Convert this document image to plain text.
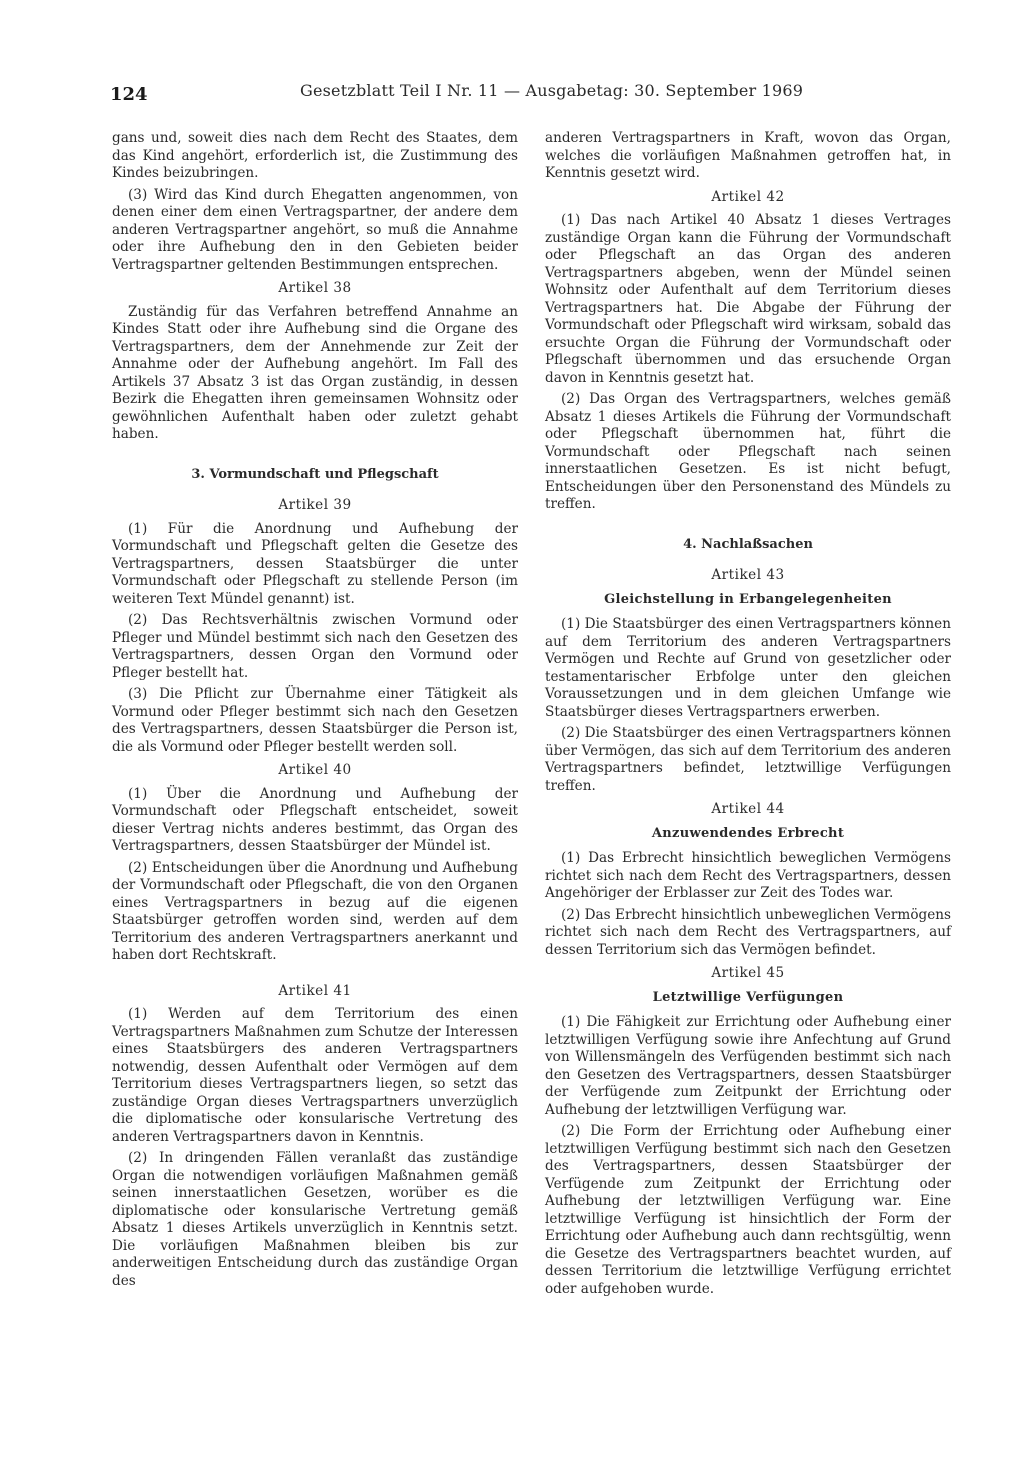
124	Gesetzblatt Teil I Nr. 11 — Ausgabetag: 30. September 1969

gans und, soweit dies nach dem Recht des Staates, dem das Kind angehört, erforderlich ist, die Zustimmung des Kindes beizubringen.

(3) Wird das Kind durch Ehegatten angenommen, von denen einer dem einen Vertragspartner, der andere dem anderen Vertragspartner angehört, so muß die Annahme oder ihre Aufhebung den in den Gebieten beider Vertragspartner geltenden Bestimmungen entsprechen.

Artikel 38

Zuständig für das Verfahren betreffend Annahme an Kindes Statt oder ihre Aufhebung sind die Organe des Vertragspartners, dem der Annehmende zur Zeit der Annahme oder der Aufhebung angehört. Im Fall des Artikels 37 Absatz 3 ist das Organ zuständig, in dessen Bezirk die Ehegatten ihren gemeinsamen Wohnsitz oder gewöhnlichen Aufenthalt haben oder zuletzt gehabt haben.

3. Vormundschaft und Pflegschaft
Artikel 39

(1) Für die Anordnung und Aufhebung der Vormundschaft und Pflegschaft gelten die Gesetze des Vertragspartners, dessen Staatsbürger die unter Vormundschaft oder Pflegschaft zu stellende Person (im weiteren Text Mündel genannt) ist.

(2) Das Rechtsverhältnis zwischen Vormund oder Pfleger und Mündel bestimmt sich nach den Gesetzen des Vertragspartners, dessen Organ den Vormund oder Pfleger bestellt hat.

(3) Die Pflicht zur Übernahme einer Tätigkeit als Vormund oder Pfleger bestimmt sich nach den Gesetzen des Vertragspartners, dessen Staatsbürger die Person ist, die als Vormund oder Pfleger bestellt werden soll.

Artikel 40

(1) Über die Anordnung und Aufhebung der Vormundschaft oder Pflegschaft entscheidet, soweit dieser Vertrag nichts anderes bestimmt, das Organ des Vertragspartners, dessen Staatsbürger der Mündel ist.

(2) Entscheidungen über die Anordnung und Aufhebung der Vormundschaft oder Pflegschaft, die von den Organen eines Vertragspartners in bezug auf die eigenen Staatsbürger getroffen worden sind, werden auf dem Territorium des anderen Vertragspartners anerkannt und haben dort Rechtskraft.

Artikel 41

(1) Werden auf dem Territorium des einen Vertragspartners Maßnahmen zum Schutze der Interessen eines Staatsbürgers des anderen Vertragspartners notwendig, dessen Aufenthalt oder Vermögen auf dem Territorium dieses Vertragspartners liegen, so setzt das zuständige Organ dieses Vertragspartners unverzüglich die diplomatische oder konsularische Vertretung des anderen Vertragspartners davon in Kenntnis.

(2) In dringenden Fällen veranlaßt das zuständige Organ die notwendigen vorläufigen Maßnahmen gemäß seinen innerstaatlichen Gesetzen, worüber es die diplomatische oder konsularische Vertretung gemäß Absatz 1 dieses Artikels unverzüglich in Kenntnis setzt. Die vorläufigen Maßnahmen bleiben bis zur anderweitigen Entscheidung durch das zuständige Organ des

anderen Vertragspartners in Kraft, wovon das Organ, welches die vorläufigen Maßnahmen getroffen hat, in Kenntnis gesetzt wird.

Artikel 42

(1) Das nach Artikel 40 Absatz 1 dieses Vertrages zuständige Organ kann die Führung der Vormundschaft oder Pflegschaft an das Organ des anderen Vertragspartners abgeben, wenn der Mündel seinen Wohnsitz oder Aufenthalt auf dem Territorium dieses Vertragspartners hat. Die Abgabe der Führung der Vormundschaft oder Pflegschaft wird wirksam, sobald das ersuchte Organ die Führung der Vormundschaft oder Pflegschaft übernommen und das ersuchende Organ davon in Kenntnis gesetzt hat.

(2) Das Organ des Vertragspartners, welches gemäß Absatz 1 dieses Artikels die Führung der Vormundschaft oder Pflegschaft übernommen hat, führt die Vormundschaft oder Pflegschaft nach seinen innerstaatlichen Gesetzen. Es ist nicht befugt, Entscheidungen über den Personenstand des Mündels zu treffen.

4. Nachlaßsachen
Artikel 43
Gleichstellung in Erbangelegenheiten

(1) Die Staatsbürger des einen Vertragspartners können auf dem Territorium des anderen Vertragspartners Vermögen und Rechte auf Grund von gesetzlicher oder testamentarischer Erbfolge unter den gleichen Voraussetzungen und in dem gleichen Umfange wie Staatsbürger dieses Vertragspartners erwerben.

(2) Die Staatsbürger des einen Vertragspartners können über Vermögen, das sich auf dem Territorium des anderen Vertragspartners befindet, letztwillige Verfügungen treffen.

Artikel 44
Anzuwendendes Erbrecht

(1) Das Erbrecht hinsichtlich beweglichen Vermögens richtet sich nach dem Recht des Vertragspartners, dessen Angehöriger der Erblasser zur Zeit des Todes war.

(2) Das Erbrecht hinsichtlich unbeweglichen Vermögens richtet sich nach dem Recht des Vertragspartners, auf dessen Territorium sich das Vermögen befindet.

Artikel 45
Letztwillige Verfügungen

(1) Die Fähigkeit zur Errichtung oder Aufhebung einer letztwilligen Verfügung sowie ihre Anfechtung auf Grund von Willensmängeln des Verfügenden bestimmt sich nach den Gesetzen des Vertragspartners, dessen Staatsbürger der Verfügende zum Zeitpunkt der Errichtung oder Aufhebung der letztwilligen Verfügung war.

(2) Die Form der Errichtung oder Aufhebung einer letztwilligen Verfügung bestimmt sich nach den Gesetzen des Vertragspartners, dessen Staatsbürger der Verfügende zum Zeitpunkt der Errichtung oder Aufhebung der letztwilligen Verfügung war. Eine letztwillige Verfügung ist hinsichtlich der Form der Errichtung oder Aufhebung auch dann rechtsgültig, wenn die Gesetze des Vertragspartners beachtet wurden, auf dessen Territorium die letztwillige Verfügung errichtet oder aufgehoben wurde.
